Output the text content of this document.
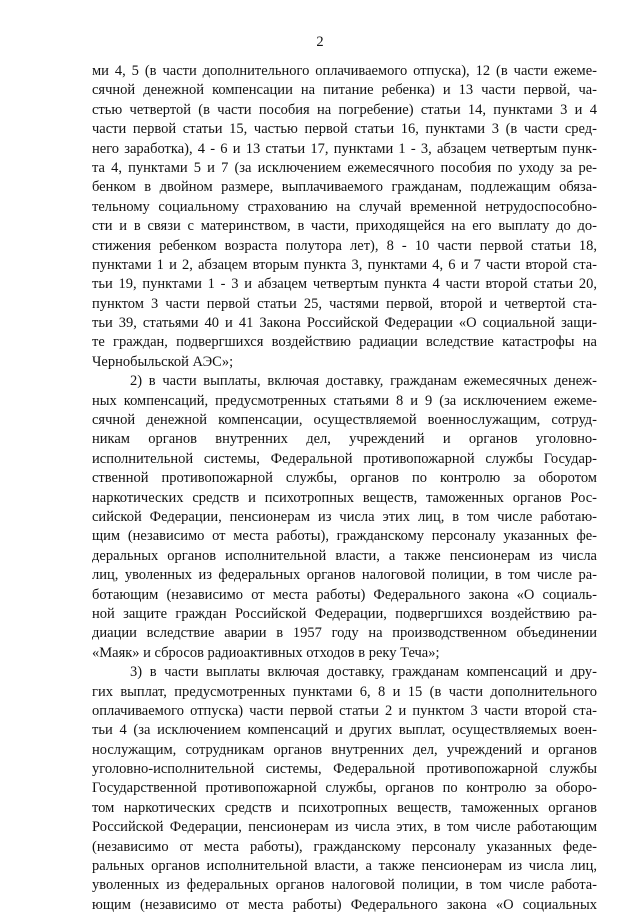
2
ми 4, 5 (в части дополнительного оплачиваемого отпуска), 12 (в части ежеме-
сячной денежной компенсации на питание ребенка) и 13 части первой, ча-
стью четвертой (в части пособия на погребение) статьи 14, пунктами 3 и 4
части первой статьи 15, частью первой статьи 16, пунктами 3 (в части сред-
него заработка), 4 - 6 и 13 статьи 17, пунктами 1 - 3, абзацем четвертым пунк-
та 4, пунктами 5 и 7 (за исключением ежемесячного пособия по уходу за ре-
бенком в двойном размере, выплачиваемого гражданам, подлежащим обяза-
тельному социальному страхованию на случай временной нетрудоспособно-
сти и в связи с материнством, в части, приходящейся на его выплату до до-
стижения ребенком возраста полутора лет), 8 - 10 части первой статьи 18,
пунктами 1 и 2, абзацем вторым пункта 3, пунктами 4, 6 и 7 части второй ста-
тьи 19, пунктами 1 - 3 и абзацем четвертым пункта 4 части второй статьи 20,
пунктом 3 части первой статьи 25, частями первой, второй и четвертой ста-
тьи 39, статьями 40 и 41 Закона Российской Федерации «О социальной защи-
те граждан, подвергшихся воздействию радиации вследствие катастрофы на
Чернобыльской АЭС»;
2) в части выплаты, включая доставку, гражданам ежемесячных денеж-
ных компенсаций, предусмотренных статьями 8 и 9 (за исключением ежеме-
сячной денежной компенсации, осуществляемой военнослужащим, сотруд-
никам органов внутренних дел, учреждений и органов уголовно-
исполнительной системы, Федеральной противопожарной службы Государ-
ственной противопожарной службы, органов по контролю за оборотом
наркотических средств и психотропных веществ, таможенных органов Рос-
сийской Федерации, пенсионерам из числа этих лиц, в том числе работаю-
щим (независимо от места работы), гражданскому персоналу указанных фе-
деральных органов исполнительной власти, а также пенсионерам из числа
лиц, уволенных из федеральных органов налоговой полиции, в том числе ра-
ботающим (независимо от места работы) Федерального закона «О социаль-
ной защите граждан Российской Федерации, подвергшихся воздействию ра-
диации вследствие аварии в 1957 году на производственном объединении
«Маяк» и сбросов радиоактивных отходов в реку Теча»;
3) в части выплаты включая доставку, гражданам компенсаций и дру-
гих выплат, предусмотренных пунктами 6, 8 и 15 (в части дополнительного
оплачиваемого отпуска) части первой статьи 2 и пунктом 3 части второй ста-
тьи 4 (за исключением компенсаций и других выплат, осуществляемых воен-
нослужащим, сотрудникам органов внутренних дел, учреждений и органов
уголовно-исполнительной системы, Федеральной противопожарной службы
Государственной противопожарной службы, органов по контролю за оборо-
том наркотических средств и психотропных веществ, таможенных органов
Российской Федерации, пенсионерам из числа этих, в том числе работающим
(независимо от места работы), гражданскому персоналу указанных феде-
ральных органов исполнительной власти, а также пенсионерам из числа лиц,
уволенных из федеральных органов налоговой полиции, в том числе работа-
ющим (независимо от места работы) Федерального закона «О социальных
